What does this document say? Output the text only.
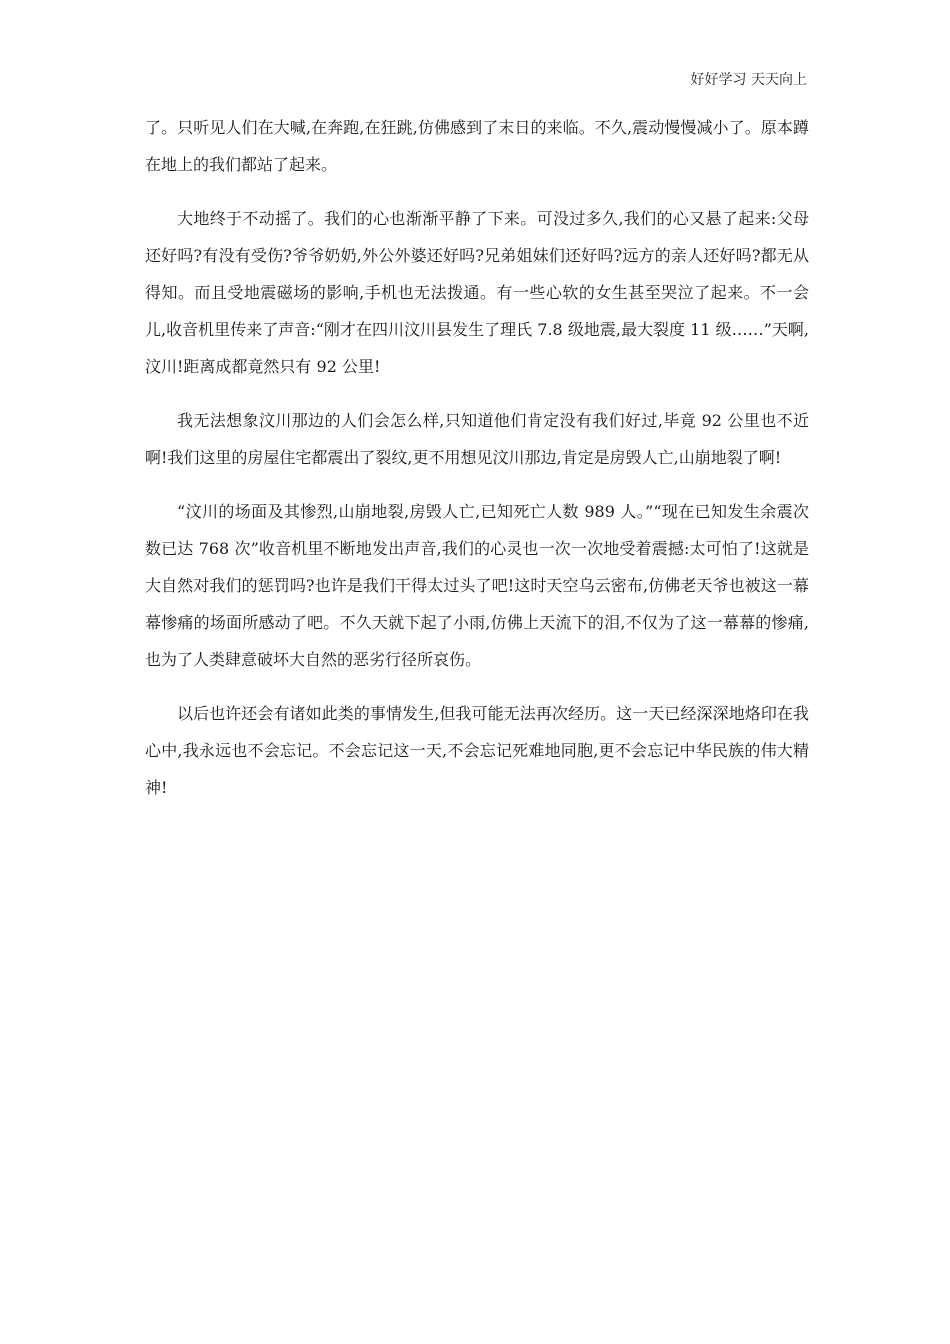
好好学习 天天向上

了。只听见人们在大喊,在奔跑,在狂跳,仿佛感到了末日的来临。不久,震动慢慢减小了。原本蹲在地上的我们都站了起来。

大地终于不动摇了。我们的心也渐渐平静了下来。可没过多久,我们的心又悬了起来:父母还好吗?有没有受伤?爷爷奶奶,外公外婆还好吗?兄弟姐妹们还好吗?远方的亲人还好吗?都无从得知。而且受地震磁场的影响,手机也无法拨通。有一些心软的女生甚至哭泣了起来。不一会儿,收音机里传来了声音:“刚才在四川汶川县发生了理氏 7.8 级地震,最大裂度 11 级……”天啊,汶川!距离成都竟然只有 92 公里!

我无法想象汶川那边的人们会怎么样,只知道他们肯定没有我们好过,毕竟 92 公里也不近啊!我们这里的房屋住宅都震出了裂纹,更不用想见汶川那边,肯定是房毁人亡,山崩地裂了啊!

“汶川的场面及其惨烈,山崩地裂,房毁人亡,已知死亡人数 989 人。”“现在已知发生余震次数已达 768 次”收音机里不断地发出声音,我们的心灵也一次一次地受着震撼:太可怕了!这就是大自然对我们的惩罚吗?也许是我们干得太过头了吧!这时天空乌云密布,仿佛老天爷也被这一幕幕惨痛的场面所感动了吧。不久天就下起了小雨,仿佛上天流下的泪,不仅为了这一幕幕的惨痛,也为了人类肆意破坏大自然的恶劣行径所哀伤。

以后也许还会有诸如此类的事情发生,但我可能无法再次经历。这一天已经深深地烙印在我心中,我永远也不会忘记。不会忘记这一天,不会忘记死难地同胞,更不会忘记中华民族的伟大精神!
